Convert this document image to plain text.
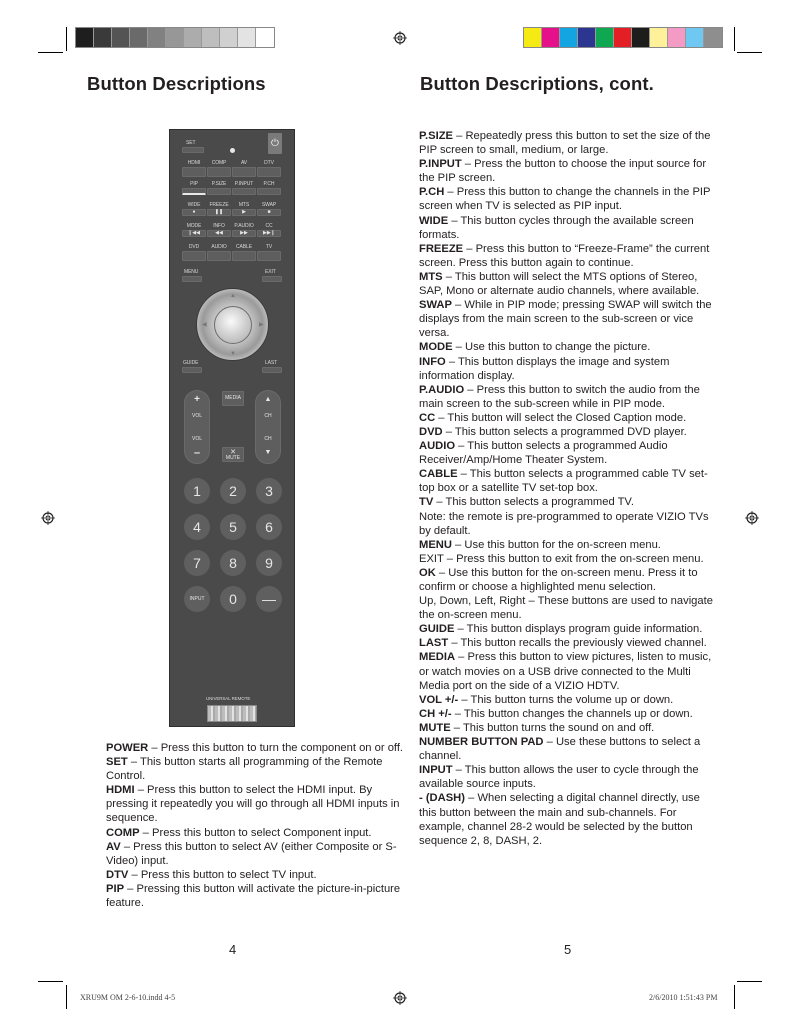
Button Descriptions	Button Descriptions, cont.
SET	⏻
HDMI	COMP	AV	DTV
PIP	P.SIZE	P.INPUT	P.CH
WIDE
●
FREEZE
❚❚
MTS
▶
SWAP
■
MODE
❙◀◀
INFO
◀◀
P.AUDIO
▶▶
CC
▶▶❙
DVD	AUDIO	CABLE	TV
MENU	EXIT
▲
▼
◀	▶
GUIDE	LAST
+
VOL
VOL
–
MEDIA
✕
MUTE
▲
CH
CH
▼
1	2	3
4	5	6
7	8	9
INPUT	0	—
UNIVERSAL REMOTE

POWER – Press this button to turn the component on or off.

SET – This button starts all programming of the Remote Control.

HDMI – Press this button to select the HDMI input. By pressing it repeatedly you will go through all HDMI inputs in sequence.

COMP – Press this button to select Component input.

AV – Press this button to select AV (either Composite or S-Video) input.

DTV – Press this button to select TV input.

PIP – Pressing this button will activate the picture-in-picture feature.

4

P.SIZE – Repeatedly press this button to set the size of the PIP screen to small, medium, or large.

P.INPUT – Press the button to choose the input source for the PIP screen.

P.CH – Press this button to change the channels in the PIP screen when TV is selected as PIP input.

WIDE – This button cycles through the available screen formats.

FREEZE – Press this button to “Freeze-Frame” the current screen. Press this button again to continue.

MTS – This button will select the MTS options of Stereo, SAP, Mono or alternate audio channels, where available.

SWAP – While in PIP mode; pressing SWAP will switch the displays from the main screen to the sub-screen or vice versa.

MODE – Use this button to change the picture.

INFO – This button displays the image and system information display.

P.AUDIO – Press this button to switch the audio from the main screen to the sub-screen while in PIP mode.

CC – This button will select the Closed Caption mode.

DVD – This button selects a programmed DVD player.

AUDIO – This button selects a programmed Audio Receiver/Amp/Home Theater System.

CABLE – This button selects a programmed cable TV set-top box or a satellite TV set-top box.

TV – This button selects a programmed TV.

Note: the remote is pre-programmed to operate VIZIO TVs by default.

MENU – Use this button for the on-screen menu.

EXIT – Press this button to exit from the on-screen menu.

OK – Use this button for the on-screen menu. Press it to confirm or choose a highlighted menu selection.

Up, Down, Left, Right – These buttons are used to navigate the on-screen menu.

GUIDE – This button displays program guide information.

LAST – This button recalls the previously viewed channel.

MEDIA – Press this button to view pictures, listen to music, or watch movies on a USB drive connected to the Multi Media port on the side of a VIZIO HDTV.

VOL +/- – This button turns the volume up or down.

CH +/- – This button changes the channels up or down.

MUTE – This button turns the sound on and off.

NUMBER BUTTON PAD – Use these buttons to select a channel.

INPUT – This button allows the user to cycle through the available source inputs.

- (DASH) – When selecting a digital channel directly, use this button between the main and sub-channels. For example, channel 28-2 would be selected by the button sequence 2, 8, DASH, 2.

5
XRU9M OM 2-6-10.indd 4-5	2/6/2010 1:51:43 PM
